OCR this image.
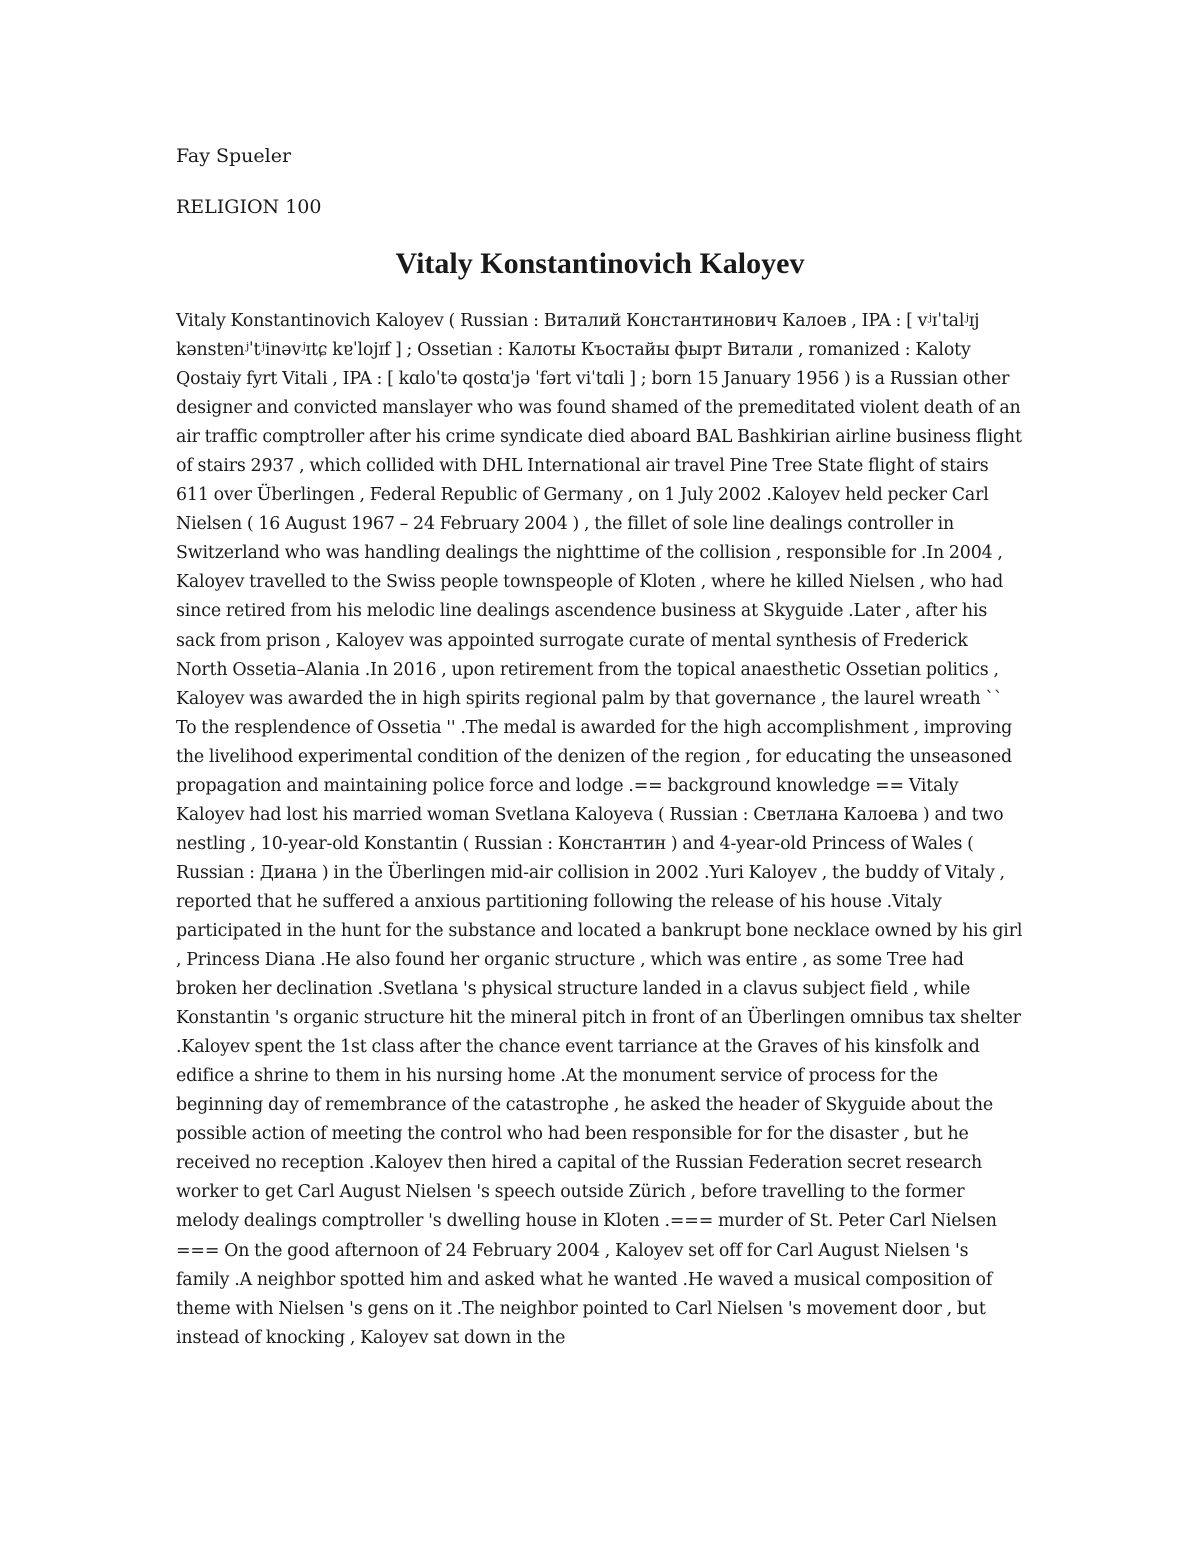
Fay Spueler

RELIGION 100

Vitaly Konstantinovich Kaloyev

Vitaly Konstantinovich Kaloyev ( Russian : Виталий Константинович Калоев , IPA : [ vʲɪˈtalʲɪj kənstɐnʲˈtʲinəvʲɪtɕ kɐˈlojɪf ] ; Ossetian : Калоты Къостайы фырт Витали , romanized : Kaloty Qostaiy fyrt Vitali , IPA : [ kɑloˈtə qostɑˈjə ˈfərt viˈtɑli ] ; born 15 January 1956 ) is a Russian other designer and convicted manslayer who was found shamed of the premeditated violent death of an air traffic comptroller after his crime syndicate died aboard BAL Bashkirian airline business flight of stairs 2937 , which collided with DHL International air travel Pine Tree State flight of stairs 611 over Überlingen , Federal Republic of Germany , on 1 July 2002 .Kaloyev held pecker Carl Nielsen ( 16 August 1967 – 24 February 2004 ) , the fillet of sole line dealings controller in Switzerland who was handling dealings the nighttime of the collision , responsible for .In 2004 , Kaloyev travelled to the Swiss people townspeople of Kloten , where he killed Nielsen , who had since retired from his melodic line dealings ascendence business at Skyguide .Later , after his sack from prison , Kaloyev was appointed surrogate curate of mental synthesis of Frederick North Ossetia–Alania .In 2016 , upon retirement from the topical anaesthetic Ossetian politics , Kaloyev was awarded the in high spirits regional palm by that governance , the laurel wreath `` To the resplendence of Ossetia '' .The medal is awarded for the high accomplishment , improving the livelihood experimental condition of the denizen of the region , for educating the unseasoned propagation and maintaining police force and lodge .== background knowledge == Vitaly Kaloyev had lost his married woman Svetlana Kaloyeva ( Russian : Светлана Калоева ) and two nestling , 10-year-old Konstantin ( Russian : Константин ) and 4-year-old Princess of Wales ( Russian : Диана ) in the Überlingen mid-air collision in 2002 .Yuri Kaloyev , the buddy of Vitaly , reported that he suffered a anxious partitioning following the release of his house .Vitaly participated in the hunt for the substance and located a bankrupt bone necklace owned by his girl , Princess Diana .He also found her organic structure , which was entire , as some Tree had broken her declination .Svetlana 's physical structure landed in a clavus subject field , while Konstantin 's organic structure hit the mineral pitch in front of an Überlingen omnibus tax shelter .Kaloyev spent the 1st class after the chance event tarriance at the Graves of his kinsfolk and edifice a shrine to them in his nursing home .At the monument service of process for the beginning day of remembrance of the catastrophe , he asked the header of Skyguide about the possible action of meeting the control who had been responsible for for the disaster , but he received no reception .Kaloyev then hired a capital of the Russian Federation secret research worker to get Carl August Nielsen 's speech outside Zürich , before travelling to the former melody dealings comptroller 's dwelling house in Kloten .=== murder of St. Peter Carl Nielsen === On the good afternoon of 24 February 2004 , Kaloyev set off for Carl August Nielsen 's family .A neighbor spotted him and asked what he wanted .He waved a musical composition of theme with Nielsen 's gens on it .The neighbor pointed to Carl Nielsen 's movement door , but instead of knocking , Kaloyev sat down in the
